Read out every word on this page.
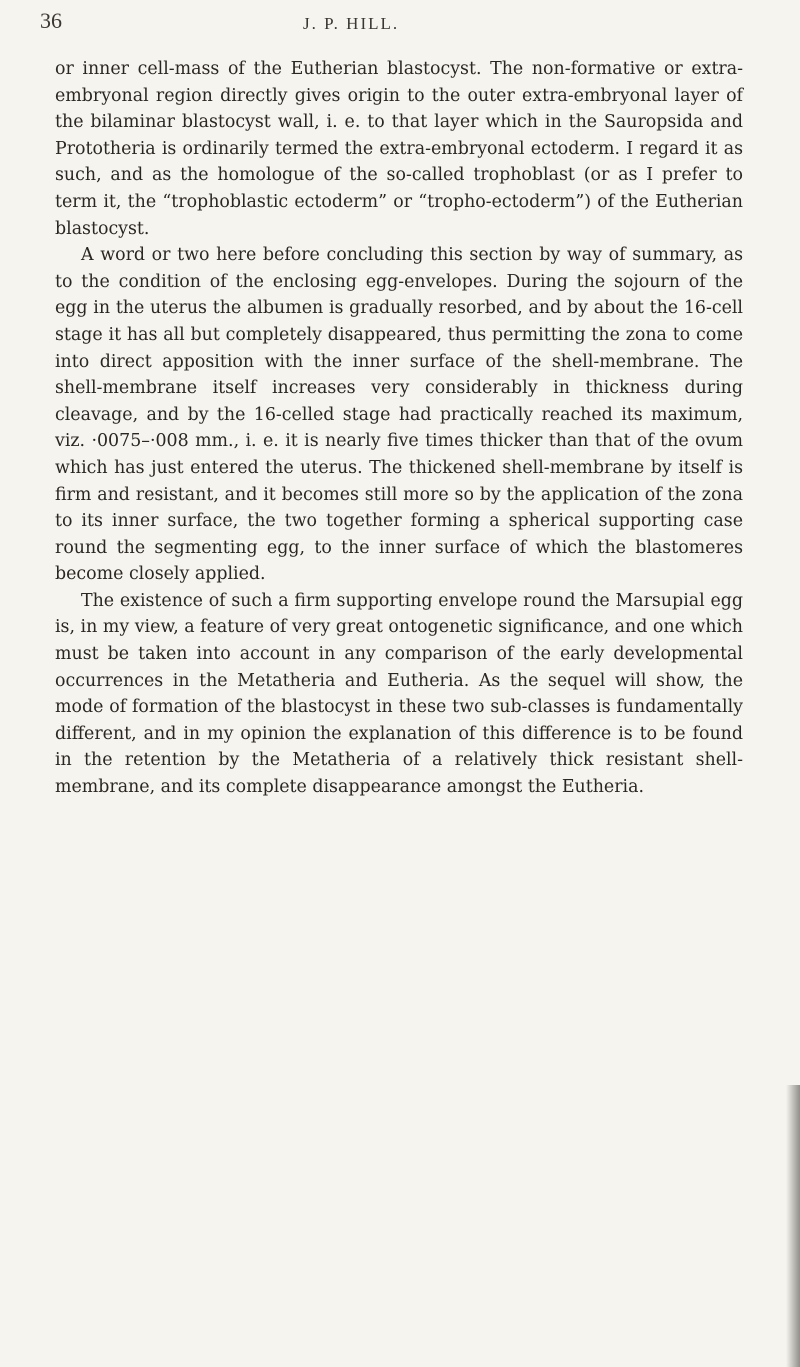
36	J. P. HILL.

or inner cell-mass of the Eutherian blastocyst. The non-formative or extra-embryonal region directly gives origin to the outer extra-embryonal layer of the bilaminar blastocyst wall, i. e. to that layer which in the Sauropsida and Prototheria is ordinarily termed the extra-embryonal ectoderm. I regard it as such, and as the homologue of the so-called trophoblast (or as I prefer to term it, the “trophoblastic ectoderm” or “tropho-ectoderm”) of the Eutherian blastocyst.

A word or two here before concluding this section by way of summary, as to the condition of the enclosing egg-envelopes. During the sojourn of the egg in the uterus the albumen is gradually resorbed, and by about the 16-cell stage it has all but completely disappeared, thus permitting the zona to come into direct apposition with the inner surface of the shell-membrane. The shell-membrane itself increases very considerably in thickness during cleavage, and by the 16-celled stage had practically reached its maximum, viz. ·0075–·008 mm., i. e. it is nearly five times thicker than that of the ovum which has just entered the uterus. The thickened shell-membrane by itself is firm and resistant, and it becomes still more so by the application of the zona to its inner surface, the two together forming a spherical supporting case round the segmenting egg, to the inner surface of which the blastomeres become closely applied.

The existence of such a firm supporting envelope round the Marsupial egg is, in my view, a feature of very great ontogenetic significance, and one which must be taken into account in any comparison of the early developmental occurrences in the Metatheria and Eutheria. As the sequel will show, the mode of formation of the blastocyst in these two sub-classes is fundamentally different, and in my opinion the explanation of this difference is to be found in the retention by the Metatheria of a relatively thick resistant shell-membrane, and its complete disappearance amongst the Eutheria.
